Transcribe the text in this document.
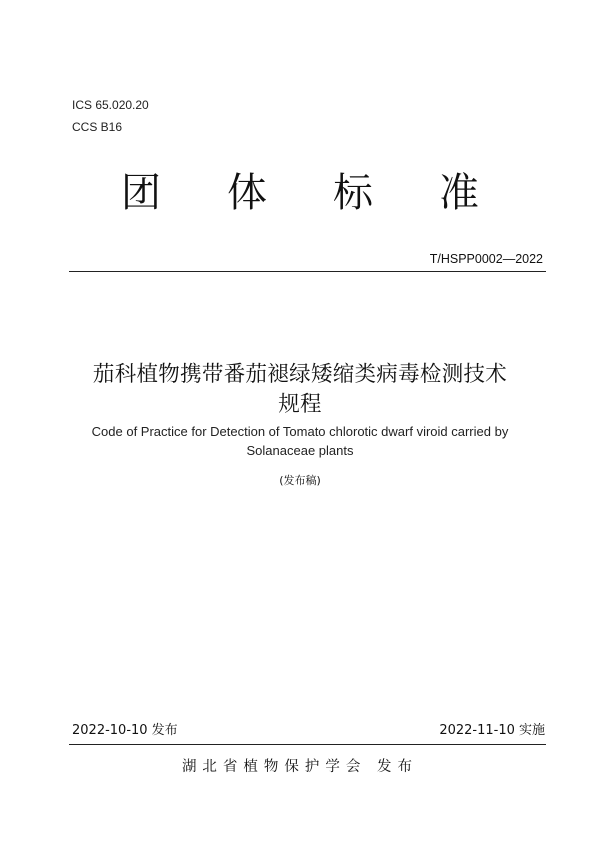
ICS 65.020.20
CCS B16
团 体 标 准
T/HSPP0002—2022
茄科植物携带番茄褪绿矮缩类病毒检测技术
规程
Code of Practice for Detection of Tomato chlorotic dwarf viroid carried by
Solanaceae plants
(发布稿)
2022-10-10 发布	2022-11-10 实施
湖北省植物保护学会 发布
